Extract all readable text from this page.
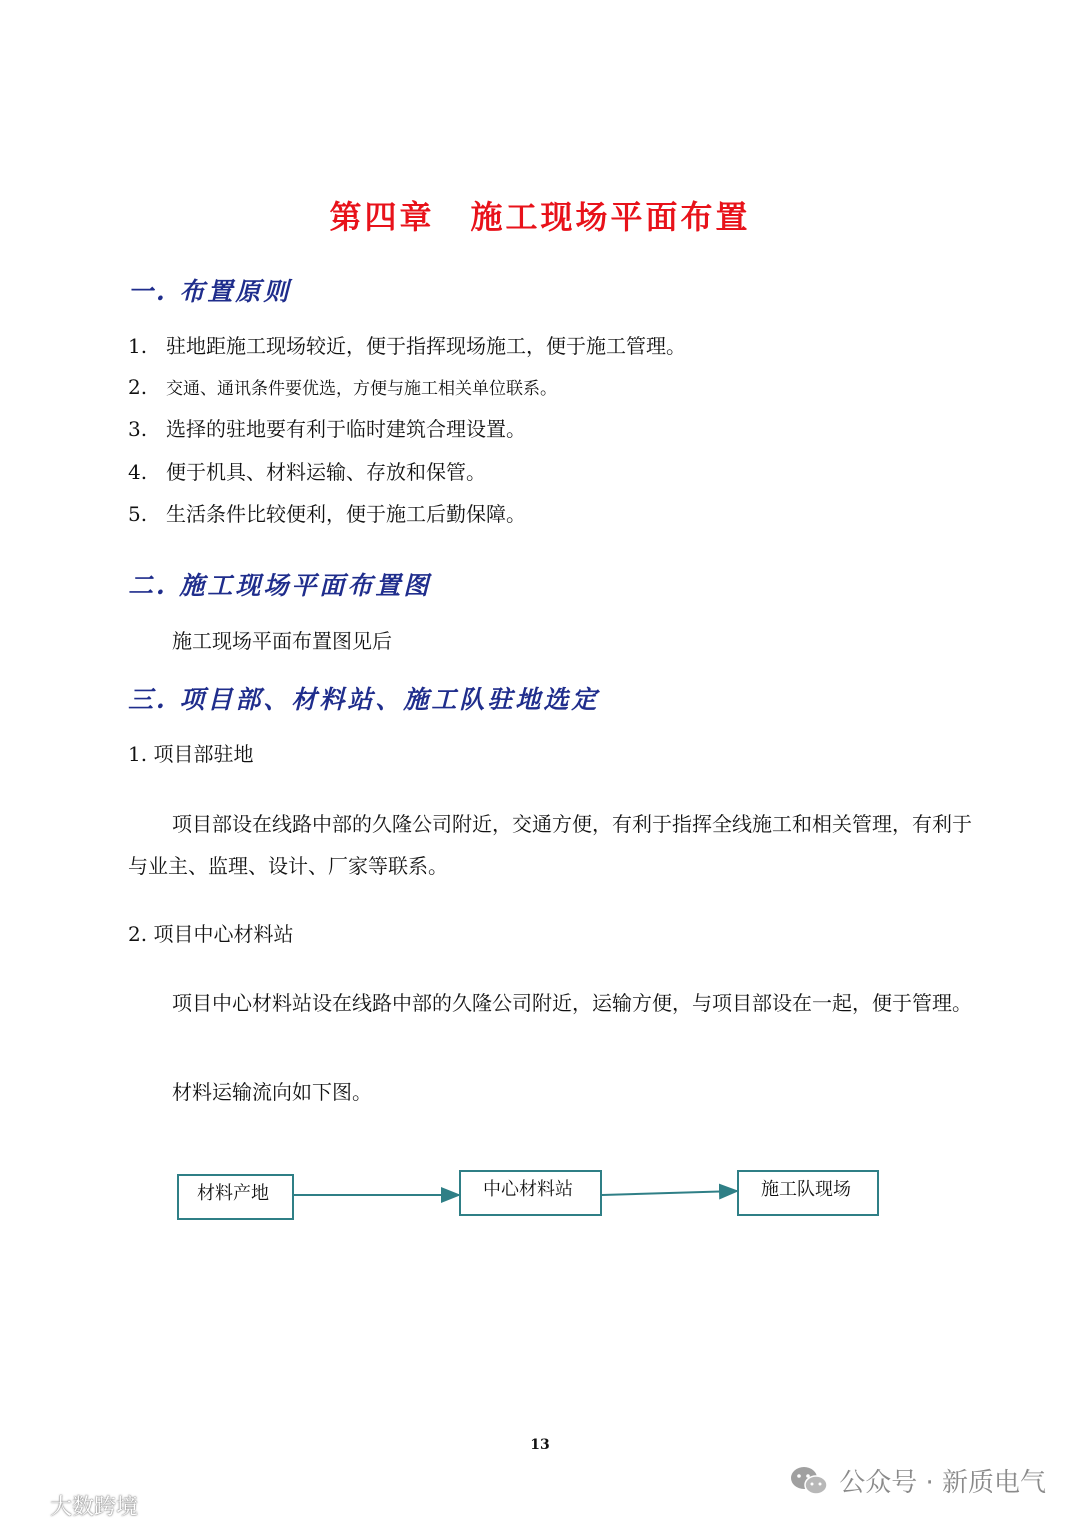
第四章 施工现场平面布置
一. 布置原则
1. 驻地距施工现场较近，便于指挥现场施工，便于施工管理。
2. 交通、通讯条件要优选，方便与施工相关单位联系。
3. 选择的驻地要有利于临时建筑合理设置。
4. 便于机具、材料运输、存放和保管。
5. 生活条件比较便利，便于施工后勤保障。
二. 施工现场平面布置图
施工现场平面布置图见后
三. 项目部、材料站、施工队驻地选定
1. 项目部驻地
项目部设在线路中部的久隆公司附近，交通方便，有利于指挥全线施工和相关管理，有利于与业主、监理、设计、厂家等联系。
2. 项目中心材料站
项目中心材料站设在线路中部的久隆公司附近，运输方便，与项目部设在一起，便于管理。
材料运输流向如下图。
材料产地	中心材料站	施工队现场
13
公众号 · 新质电气
大数跨境
